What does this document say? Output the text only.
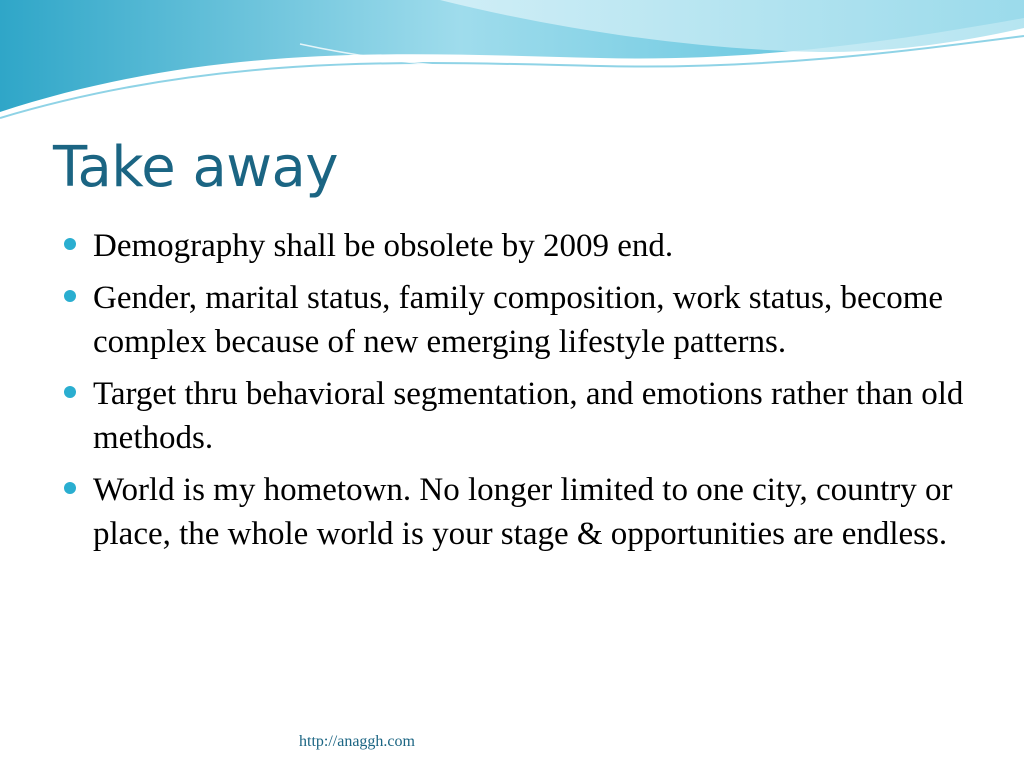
Take away
Demography shall be obsolete by 2009 end.
Gender, marital status, family composition, work status, become complex because of new emerging lifestyle patterns.
Target thru behavioral segmentation, and emotions rather than old methods.
World is my hometown. No longer limited to one city, country or place, the whole world is your stage & opportunities are endless.
http://anaggh.com
